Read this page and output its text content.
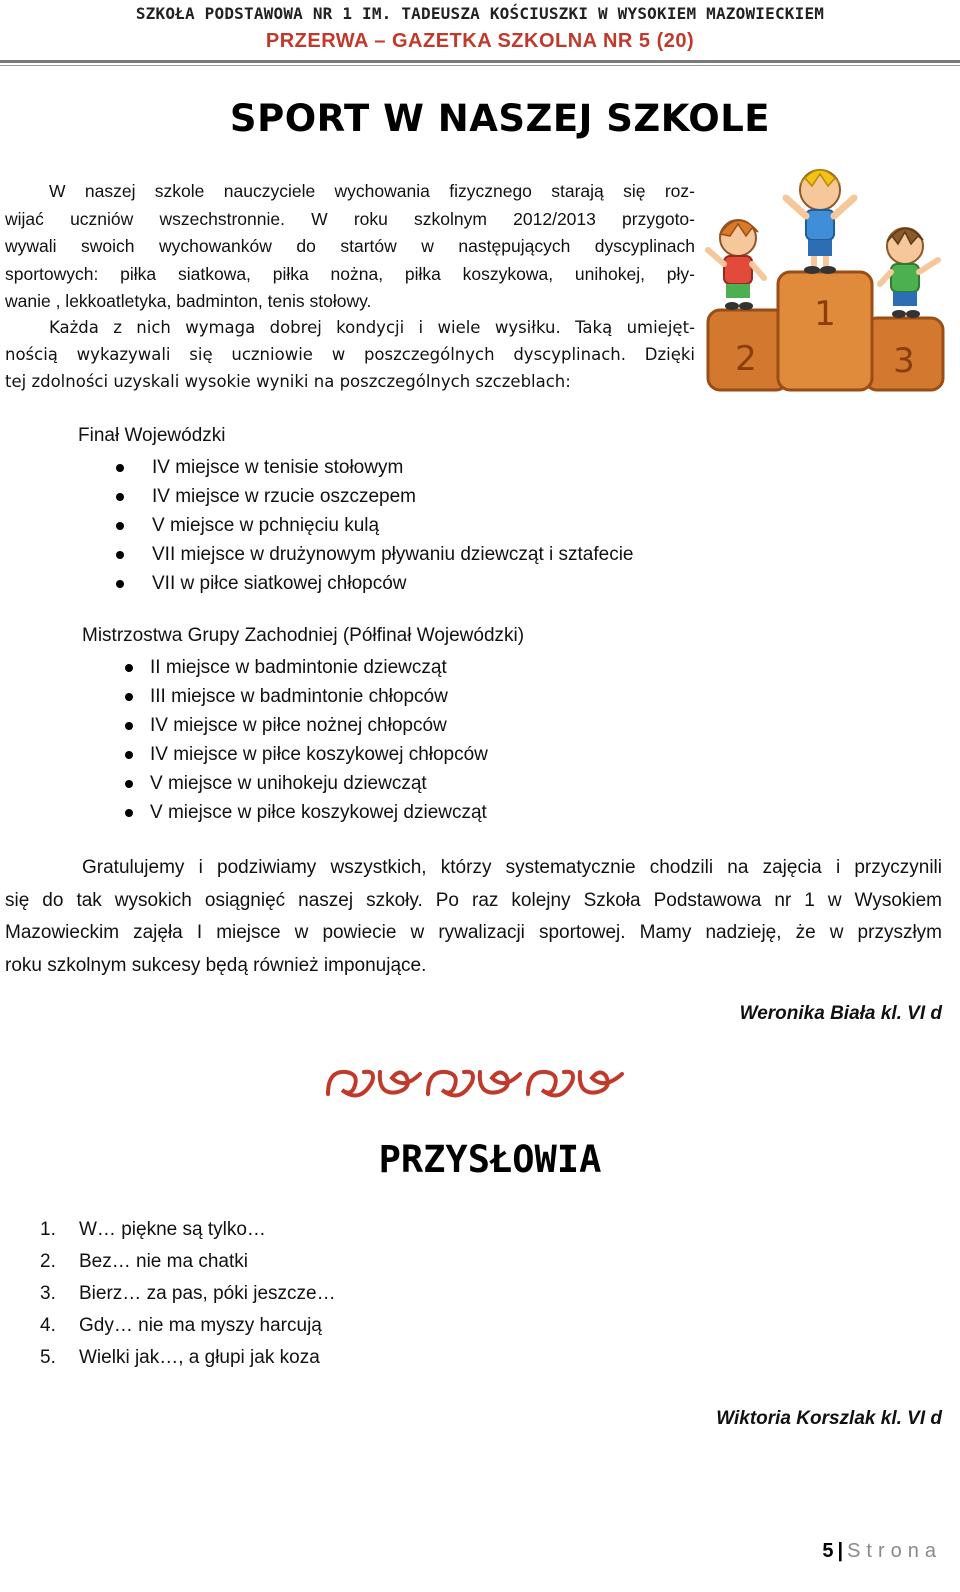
SZKOŁA PODSTAWOWA NR 1 IM. TADEUSZA KOŚCIUSZKI W WYSOKIEM MAZOWIECKIEM
PRZERWA – GAZETKA SZKOLNA NR 5 (20)
SPORT W NASZEJ SZKOLE
W naszej szkole nauczyciele wychowania fizycznego starają się roz-
wijać uczniów wszechstronnie. W roku szkolnym 2012/2013 przygoto-
wywali swoich wychowanków do startów w następujących dyscyplinach
sportowych: piłka siatkowa, piłka nożna, piłka koszykowa, unihokej, pły-
wanie , lekkoatletyka, badminton, tenis stołowy.
Każda z nich wymaga dobrej kondycji i wiele wysiłku. Taką umiejęt-
nością wykazywali się uczniowie w poszczególnych dyscyplinach. Dzięki
tej zdolności uzyskali wysokie wyniki na poszczególnych szczeblach:
1
2	3
Finał Wojewódzki
IV miejsce w tenisie stołowym
IV miejsce w rzucie oszczepem
V miejsce w pchnięciu kulą
VII miejsce w drużynowym pływaniu dziewcząt i sztafecie
VII w piłce siatkowej chłopców
Mistrzostwa Grupy Zachodniej (Półfinał Wojewódzki)
II miejsce w badmintonie dziewcząt
III miejsce w badmintonie chłopców
IV miejsce w piłce nożnej chłopców
IV miejsce w piłce koszykowej chłopców
V miejsce w unihokeju dziewcząt
V miejsce w piłce koszykowej dziewcząt
Gratulujemy i podziwiamy wszystkich, którzy systematycznie chodzili na zajęcia i przyczynili
się do tak wysokich osiągnięć naszej szkoły. Po raz kolejny Szkoła Podstawowa nr 1 w Wysokiem
Mazowieckim zajęła I miejsce w powiecie w rywalizacji sportowej. Mamy nadzieję, że w przyszłym
roku szkolnym sukcesy będą również imponujące.
Weronika Biała kl. VI d
PRZYSŁOWIA
1. W… piękne są tylko…
2. Bez… nie ma chatki
3. Bierz… za pas, póki jeszcze…
4. Gdy… nie ma myszy harcują
5. Wielki jak…, a głupi jak koza
Wiktoria Korszlak kl. VI d
5 | Strona
